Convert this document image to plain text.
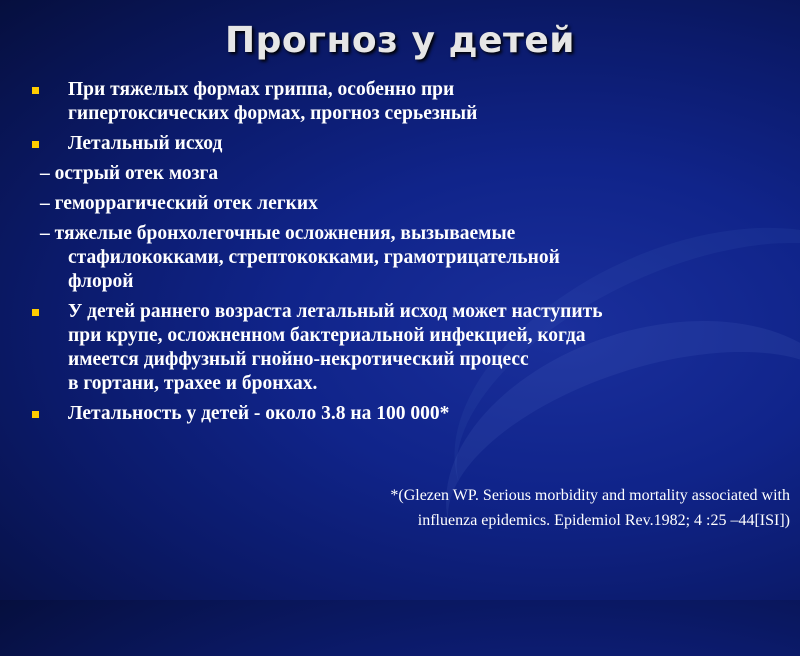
Прогноз у детей
При тяжелых формах гриппа, особенно при
гипертоксических формах, прогноз серьезный
Летальный исход
– острый отек мозга
– геморрагический отек легких
– тяжелые бронхолегочные осложнения, вызываемые
стафилококками, стрептококками, грамотрицательной
флорой
У детей раннего возраста летальный исход может наступить
при крупе, осложненном бактериальной инфекцией, когда
имеется диффузный гнойно-некротический процесс
в гортани, трахее и бронхах.
Летальность у детей - около 3.8 на 100 000*
*(Glezen WP. Serious morbidity and mortality associated with
influenza epidemics. Epidemiol Rev.1982; 4 :25 –44[ISI])
